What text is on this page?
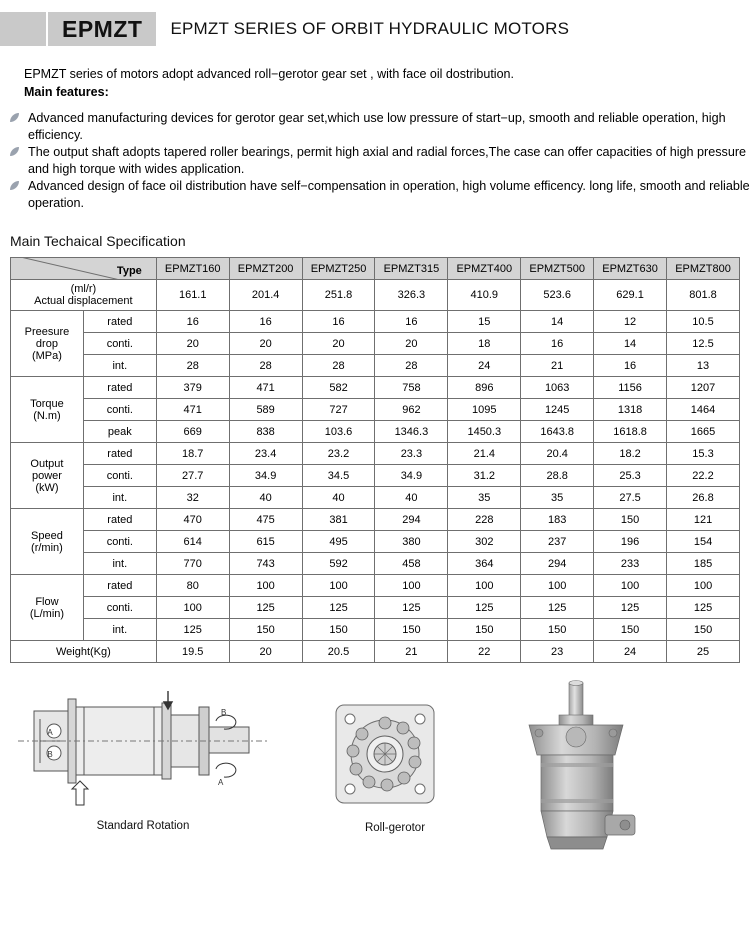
EPMZT	EPMZT SERIES OF ORBIT HYDRAULIC MOTORS
EPMZT series of motors adopt advanced roll−gerotor gear set , with face oil dostribution.
Main features:
Advanced manufacturing devices for gerotor gear set,which use low pressure of start−up, smooth and reliable operation, high efficiency.
The output shaft adopts tapered roller bearings, permit high axial and radial forces,The case can offer capacities of high pressure and high torque with wides application.
Advanced design of face oil distribution have self−compensation in operation, high volume efficency. long life, smooth and reliable operation.
Main Techaical Specification
Type		EPMZT160	EPMZT200	EPMZT250	EPMZT315	EPMZT400	EPMZT500	EPMZT630	EPMZT800

(ml/r)
Actual displacement		161.1	201.4	251.8	326.3	410.9	523.6	629.1	801.8

Preesure
drop
(MPa)	rated	16	16	16	16	15	14	12	10.5
	conti.	20	20	20	20	18	16	14	12.5
	int.	28	28	28	28	24	21	16	13

Torque
(N.m)	rated	379	471	582	758	896	1063	1156	1207
	conti.	471	589	727	962	1095	1245	1318	1464
	peak	669	838	103.6	1346.3	1450.3	1643.8	1618.8	1665

Output
power
(kW)	rated	18.7	23.4	23.2	23.3	21.4	20.4	18.2	15.3
	conti.	27.7	34.9	34.5	34.9	31.2	28.8	25.3	22.2
	int.	32	40	40	40	35	35	27.5	26.8

Speed
(r/min)	rated	470	475	381	294	228	183	150	121
	conti.	614	615	495	380	302	237	196	154
	int.	770	743	592	458	364	294	233	185

Flow
(L/min)	rated	80	100	100	100	100	100	100	100
	conti.	100	125	125	125	125	125	125	125
	int.	125	150	150	150	150	150	150	150
Weight(Kg)		19.5	20	20.5	21	22	23	24	25
A
B
B
A
Standard Rotation	Roll-gerotor
